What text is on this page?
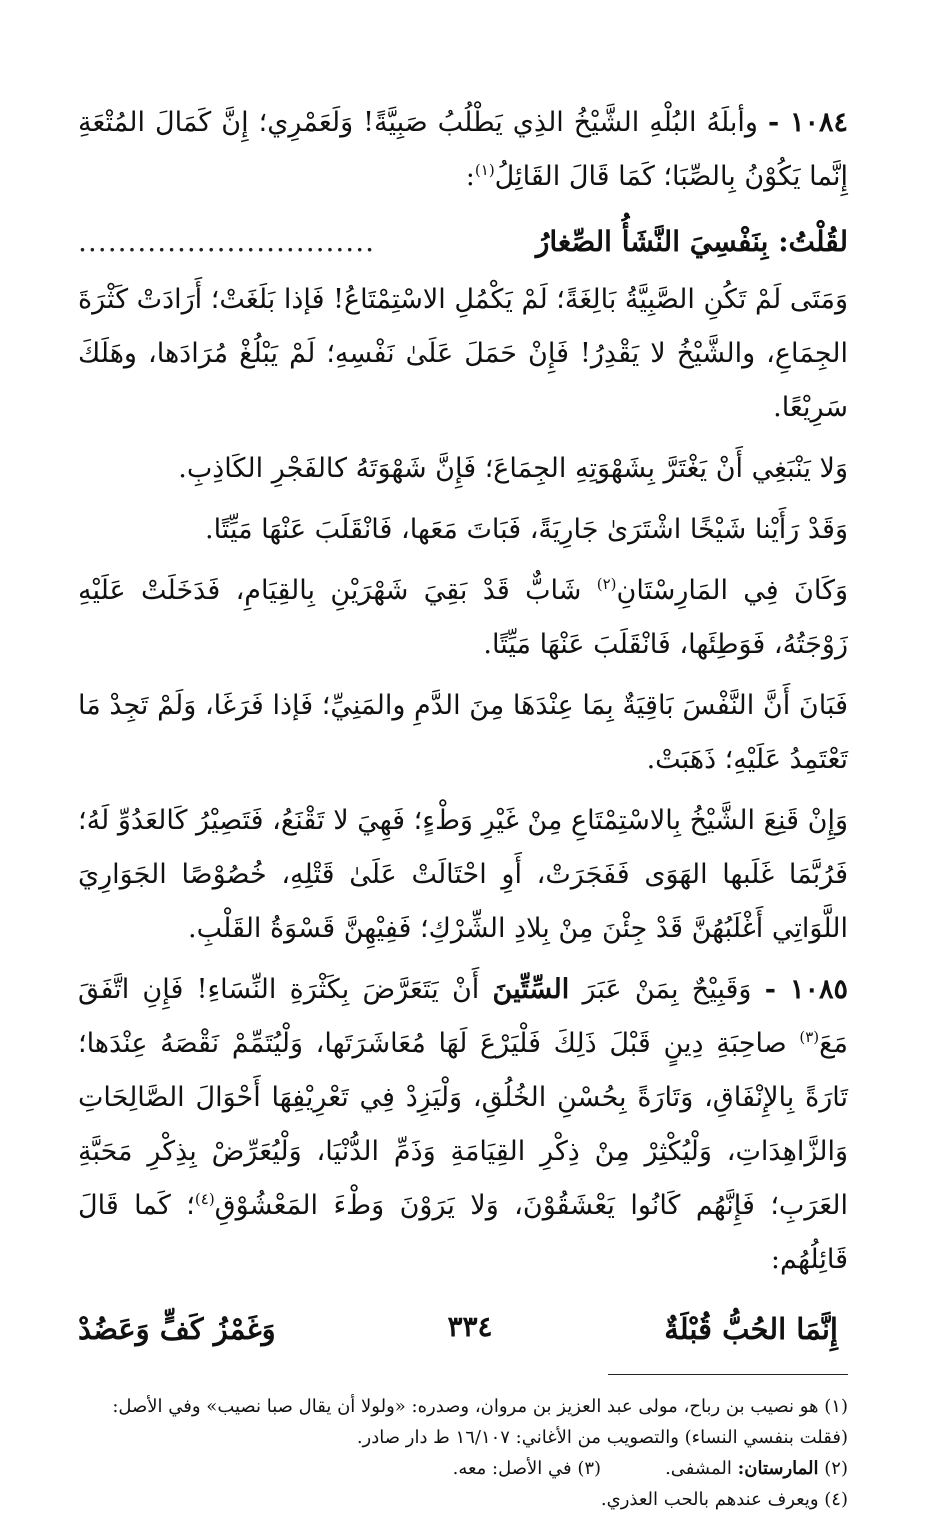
١٠٨٤ - وأبلَهُ البُلْهِ الشَّيْخُ الذِي يَطْلُبُ صَبِيَّةً! وَلَعَمْرِي؛ إِنَّ كَمَالَ المُتْعَةِ إِنَّما يَكُوْنُ بِالصِّبَا؛ كَمَا قَالَ القَائِلُ$^{(١)}$:

لقُلْتُ: بِنَفْسِيَ النَّشَأُ الصِّغارُ
..............................

وَمَتَى لَمْ تَكُنِ الصَّبِيَّةُ بَالِغَةً؛ لَمْ يَكْمُلِ الاسْتِمْتَاعُ! فَإذا بَلَغَتْ؛ أَرَادَتْ كَثْرَةَ الجِمَاعِ، والشَّيْخُ لا يَقْدِرُ! فَإِنْ حَمَلَ عَلَىٰ نَفْسِهِ؛ لَمْ يَبْلُغْ مُرَادَها، وهَلَكَ سَرِيْعًا.

وَلا يَنْبَغِي أَنْ يَغْتَرَّ بِشَهْوَتِهِ الجِمَاعَ؛ فَإِنَّ شَهْوَتَهُ كالفَجْرِ الكَاذِبِ.

وَقَدْ رَأَيْنا شَيْخًا اشْتَرَىٰ جَارِيَةً، فَبَاتَ مَعَها، فَانْقَلَبَ عَنْهَا مَيِّتًا.

وَكَانَ فِي المَارِسْتَانِ$^{(٢)}$ شَابٌّ قَدْ بَقِيَ شَهْرَيْنِ بِالقِيَامِ، فَدَخَلَتْ عَلَيْهِ زَوْجَتُهُ، فَوَطِئَها، فَانْقَلَبَ عَنْهَا مَيِّتًا.

فَبَانَ أَنَّ النَّفْسَ بَاقِيَةٌ بِمَا عِنْدَهَا مِنَ الدَّمِ والمَنِيِّ؛ فَإذا فَرَغَا، وَلَمْ تَجِدْ مَا تَعْتَمِدُ عَلَيْهِ؛ ذَهَبَتْ.

وَإِنْ قَنِعَ الشَّيْخُ بِالاسْتِمْتَاعِ مِنْ غَيْرِ وَطْءٍ؛ فَهِيَ لا تَقْنَعُ، فَتَصِيْرُ كَالعَدُوِّ لَهُ؛ فَرُبَّمَا غَلَبها الهَوَى فَفَجَرَتْ، أَوِ احْتَالَتْ عَلَىٰ قَتْلِهِ، خُصُوْصًا الجَوَارِيَ اللَّوَاتِي أَغْلَبُهُنَّ قَدْ جِئْنَ مِنْ بِلادِ الشِّرْكِ؛ فَفِيْهِنَّ قَسْوَةُ القَلْبِ.

١٠٨٥ - وَقَبِيْحٌ بِمَنْ عَبَرَ السِّتِّينَ أَنْ يَتَعَرَّضَ بِكَثْرَةِ النِّسَاءِ! فَإِنِ اتَّفَقَ مَعَ$^{(٣)}$ صاحِبَةِ دِينٍ قَبْلَ ذَلِكَ فَلْيَرْعَ لَهَا مُعَاشَرَتَها، وَلْيُتَمِّمْ نَقْصَهُ عِنْدَها؛ تَارَةً بِالإِنْفَاقِ، وَتَارَةً بِحُسْنِ الخُلُقِ، وَلْيَزِدْ فِي تَعْرِيْفِهَا أَحْوَالَ الصَّالِحَاتِ وَالزَّاهِدَاتِ، وَلْيُكْثِرْ مِنْ ذِكْرِ القِيَامَةِ وَذَمِّ الدُّنْيَا، وَلْيُعَرِّضْ بِذِكْرِ مَحَبَّةِ العَرَبِ؛ فَإِنَّهُم كَانُوا يَعْشَقُوْنَ، وَلا يَرَوْنَ وَطْءَ المَعْشُوْقِ$^{(٤)}$؛ كَما قَالَ قَائِلُهُم:

إِنَّمَا الحُبُّ قُبْلَةٌ
وَغَمْزُ كَفٍّ وَعَضُدْ

(١) هو نصيب بن رباح، مولى عبد العزيز بن مروان، وصدره: «ولولا أن يقال صبا نصيب» وفي الأصل: (فقلت بنفسي النساء) والتصويب من الأغاني: ١٦/١٠٧ ط دار صادر.

(٢) المارستان: المشفى.
(٣) في الأصل: معه.

(٤) ويعرف عندهم بالحب العذري.

٣٣٤
